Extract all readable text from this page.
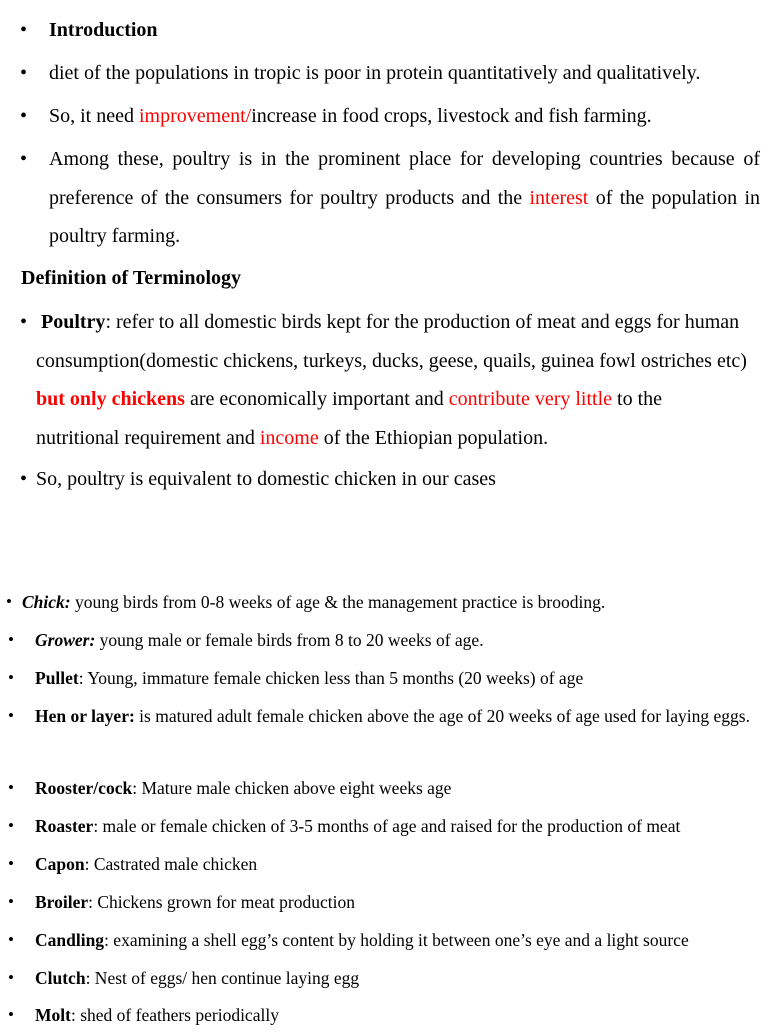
• Introduction
• diet of the populations in tropic is poor in protein quantitatively and qualitatively.
• So, it need improvement/increase in food crops, livestock and fish farming.
• Among these, poultry is in the prominent place for developing countries because of preference of the consumers for poultry products and the interest of the population in poultry farming.
Definition of Terminology
• Poultry: refer to all domestic birds kept for the production of meat and eggs for human consumption(domestic chickens, turkeys, ducks, geese, quails, guinea fowl ostriches etc) but only chickens are economically important and contribute very little to the nutritional requirement and income of the Ethiopian population.
• So, poultry is equivalent to domestic chicken in our cases
• Chick: young birds from 0-8 weeks of age & the management practice is brooding.
• Grower: young male or female birds from 8 to 20 weeks of age.
• Pullet: Young, immature female chicken less than 5 months (20 weeks) of age
• Hen or layer: is matured adult female chicken above the age of 20 weeks of age used for laying eggs.
• Rooster/cock: Mature male chicken above eight weeks age
• Roaster: male or female chicken of 3-5 months of age and raised for the production of meat
• Capon: Castrated male chicken
• Broiler: Chickens grown for meat production
• Candling: examining a shell egg’s content by holding it between one’s eye and a light source
• Clutch: Nest of eggs/ hen continue laying egg
• Molt: shed of feathers periodically
